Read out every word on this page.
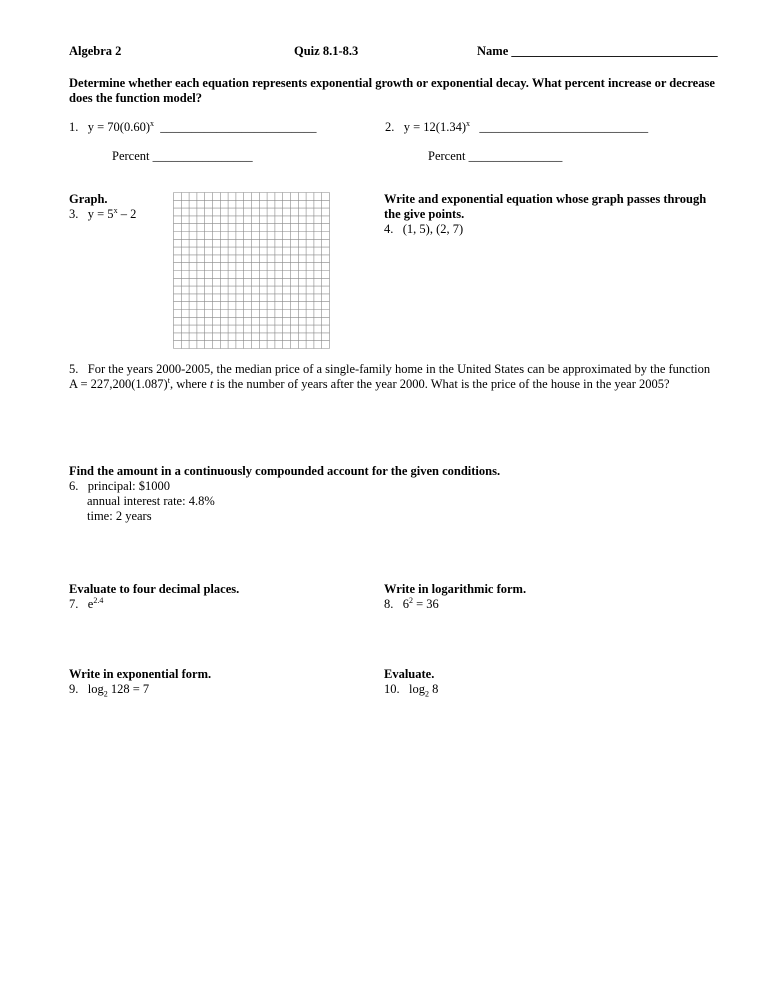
Algebra 2	Quiz 8.1-8.3	Name _________________________________
Determine whether each equation represents exponential growth or exponential decay. What percent increase or decrease does the function model?
1. $y = 70(0.60)^x$ _________________________
Percent ________________
2. $y = 12(1.34)^x$ ___________________________
Percent _______________
Graph.
3. $y = 5^x - 2$
Write and exponential equation whose graph passes through the give points.
4. (1, 5), (2, 7)
5. For the years 2000-2005, the median price of a single-family home in the United States can be approximated by the function
$A = 227,200(1.087)^t$, where t is the number of years after the year 2000. What is the price of the house in the year 2005?
Find the amount in a continuously compounded account for the given conditions.
6. principal: $1000
annual interest rate: 4.8%
time: 2 years
Evaluate to four decimal places.
7. $e^{2.4}$
Write in logarithmic form.
8. $6^2 = 36$
Write in exponential form.
9. $\log_2 128 = 7$
Evaluate.
10. $\log_2 8$
